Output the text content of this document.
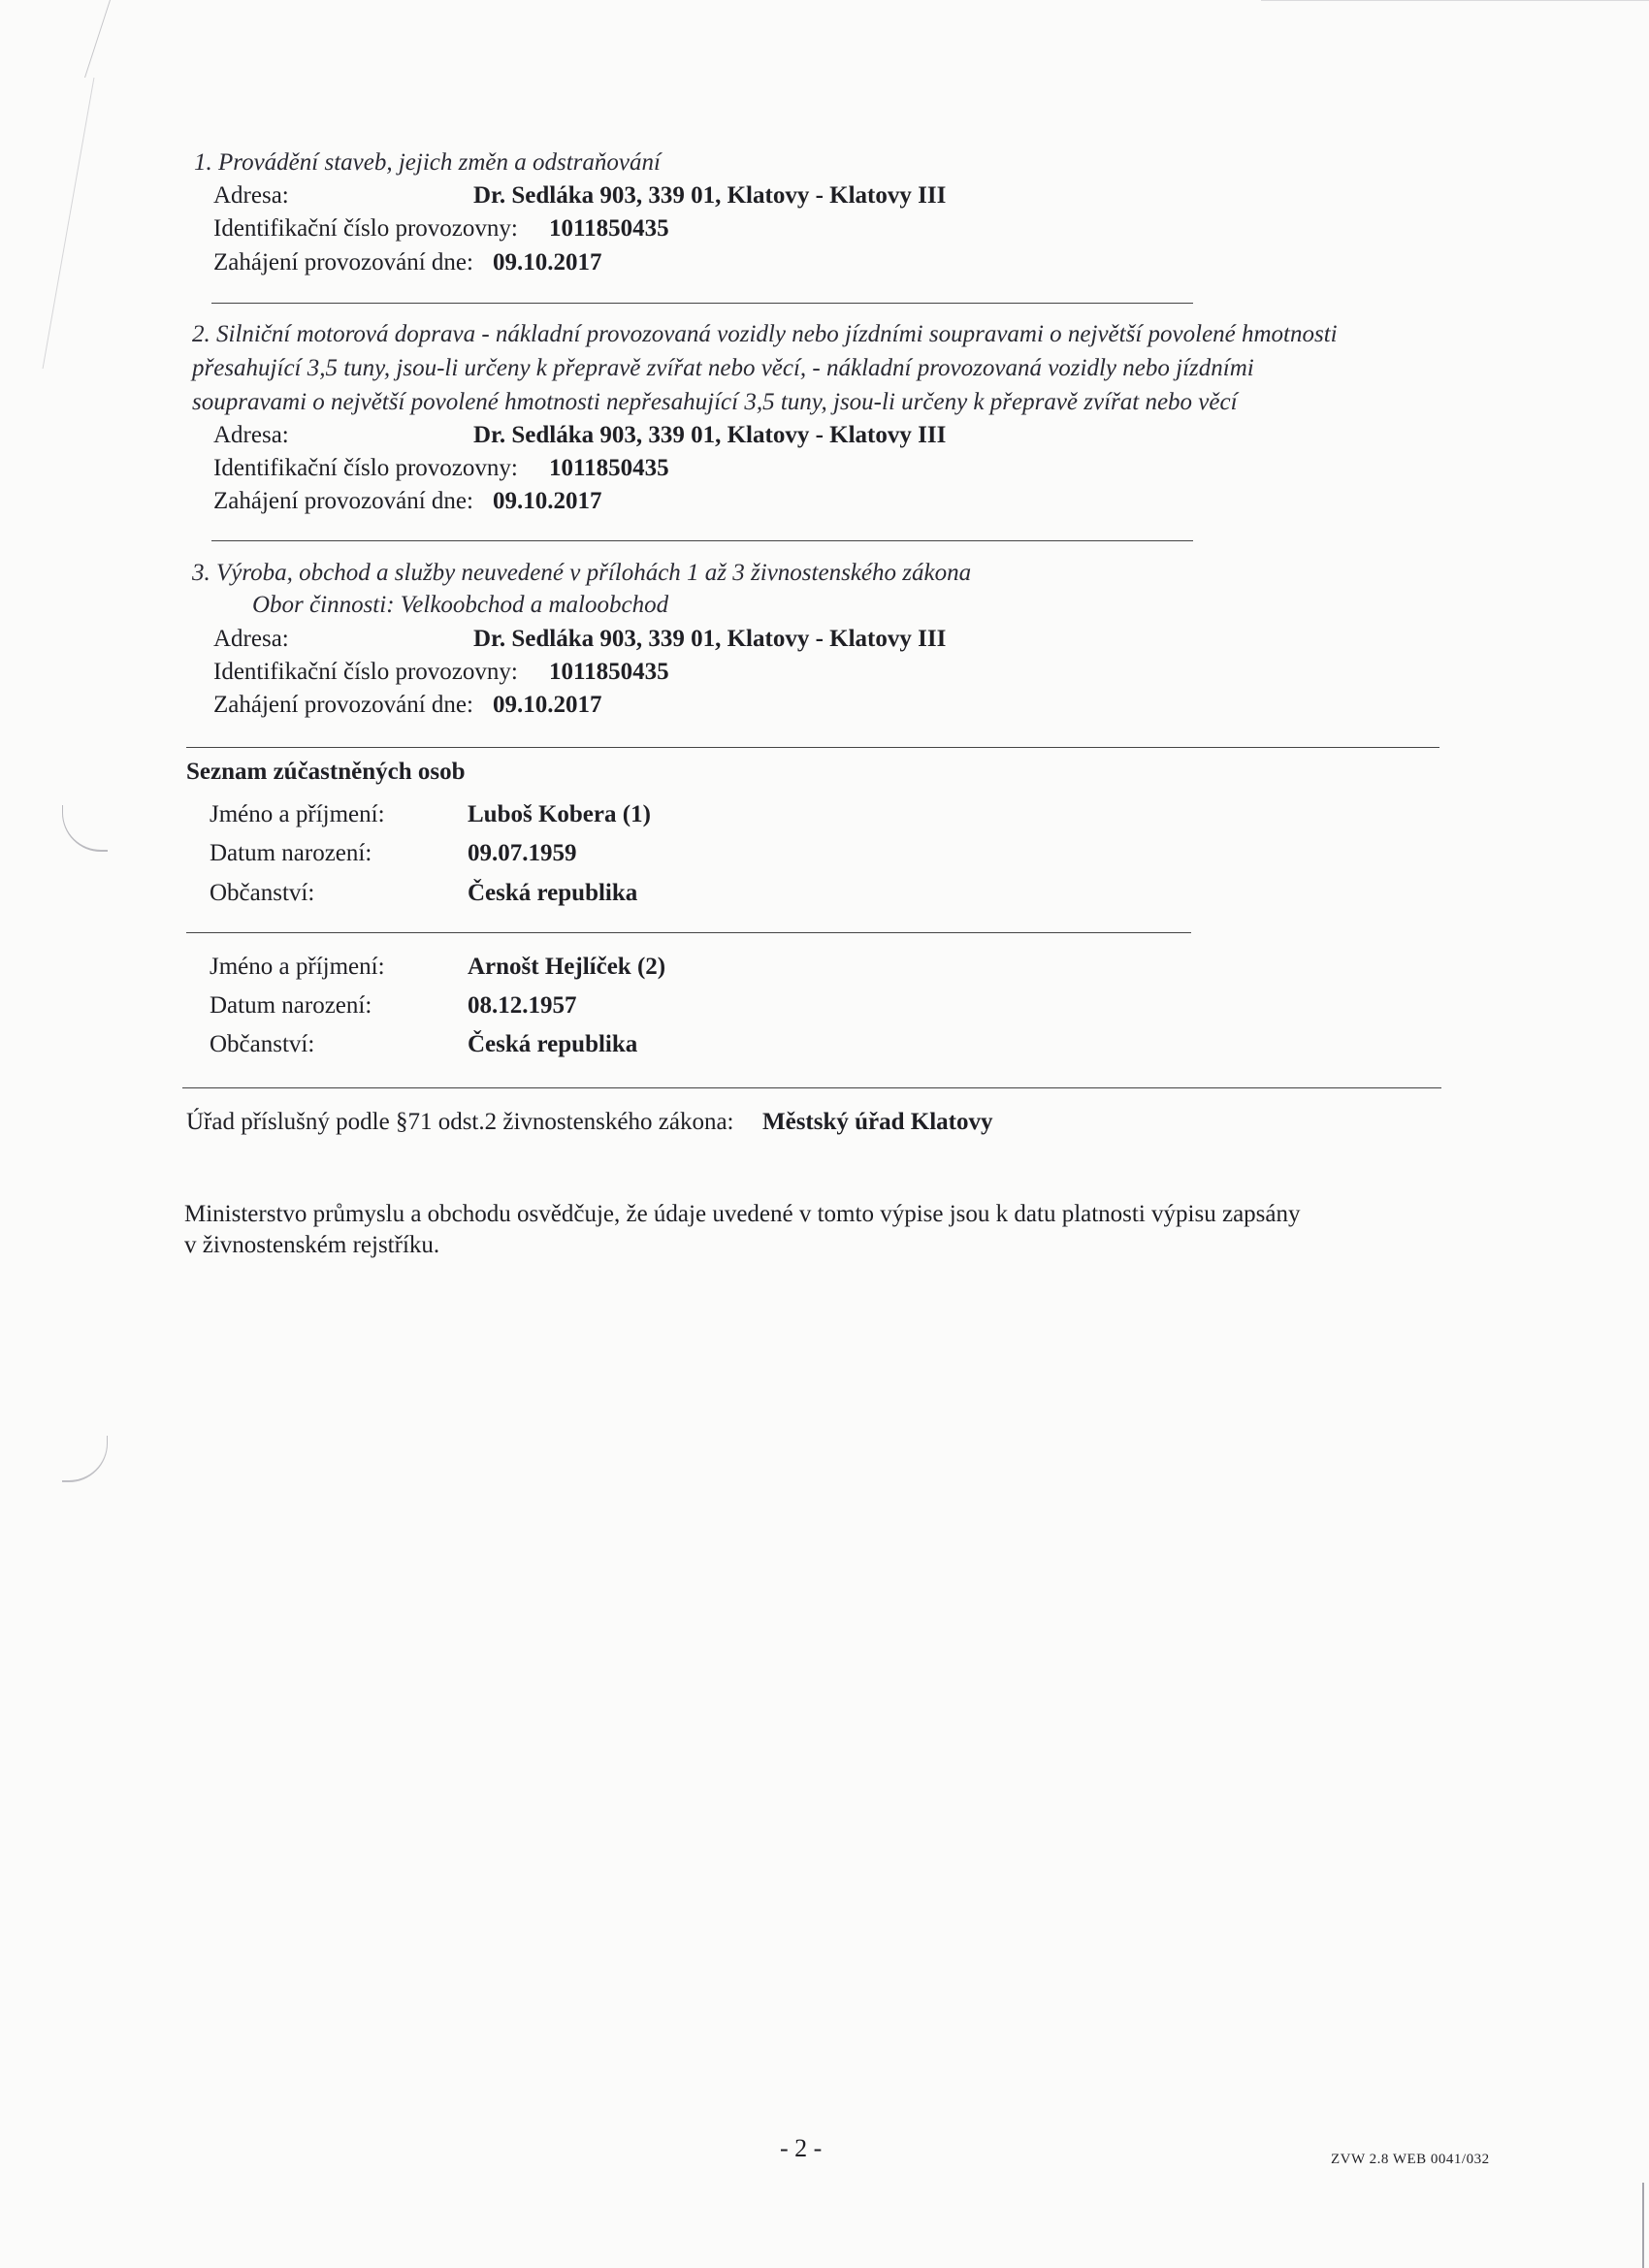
1. Provádění staveb, jejich změn a odstraňování
Adresa:	Dr. Sedláka 903, 339 01, Klatovy - Klatovy III
Identifikační číslo provozovny: 1011850435
Zahájení provozování dne: 09.10.2017
2. Silniční motorová doprava - nákladní provozovaná vozidly nebo jízdními soupravami o největší povolené hmotnosti
přesahující 3,5 tuny, jsou-li určeny k přepravě zvířat nebo věcí, - nákladní provozovaná vozidly nebo jízdními
soupravami o největší povolené hmotnosti nepřesahující 3,5 tuny, jsou-li určeny k přepravě zvířat nebo věcí
Adresa:	Dr. Sedláka 903, 339 01, Klatovy - Klatovy III
Identifikační číslo provozovny: 1011850435
Zahájení provozování dne: 09.10.2017
3. Výroba, obchod a služby neuvedené v přílohách 1 až 3 živnostenského zákona
Obor činnosti: Velkoobchod a maloobchod
Adresa:	Dr. Sedláka 903, 339 01, Klatovy - Klatovy III
Identifikační číslo provozovny: 1011850435
Zahájení provozování dne: 09.10.2017
Seznam zúčastněných osob
Jméno a příjmení:	Luboš Kobera (1)
Datum narození:	09.07.1959
Občanství:	Česká republika
Jméno a příjmení:	Arnošt Hejlíček (2)
Datum narození:	08.12.1957
Občanství:	Česká republika
Úřad příslušný podle §71 odst.2 živnostenského zákona: Městský úřad Klatovy
Ministerstvo průmyslu a obchodu osvědčuje, že údaje uvedené v tomto výpise jsou k datu platnosti výpisu zapsány
v živnostenském rejstříku.
- 2 -	ZVW 2.8 WEB 0041/032
